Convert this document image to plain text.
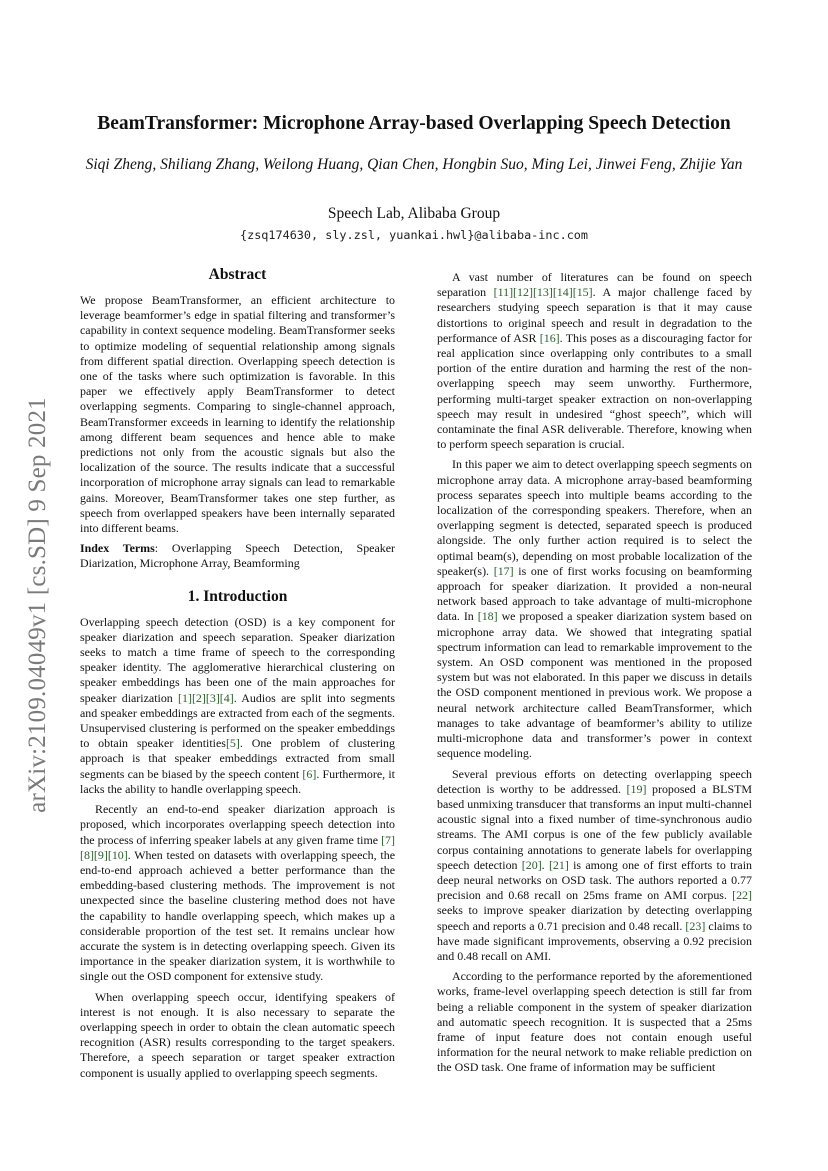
arXiv:2109.04049v1 [cs.SD] 9 Sep 2021
BeamTransformer: Microphone Array-based Overlapping Speech Detection
Siqi Zheng, Shiliang Zhang, Weilong Huang, Qian Chen, Hongbin Suo, Ming Lei, Jinwei Feng, Zhijie Yan
Speech Lab, Alibaba Group
{zsq174630, sly.zsl, yuankai.hwl}@alibaba-inc.com
Abstract

We propose BeamTransformer, an efficient architecture to leverage beamformer’s edge in spatial filtering and transformer’s capability in context sequence modeling. BeamTransformer seeks to optimize modeling of sequential relationship among signals from different spatial direction. Overlapping speech detection is one of the tasks where such optimization is favorable. In this paper we effectively apply BeamTransformer to detect overlapping segments. Comparing to single-channel approach, BeamTransformer exceeds in learning to identify the relationship among different beam sequences and hence able to make predictions not only from the acoustic signals but also the localization of the source. The results indicate that a successful incorporation of microphone array signals can lead to remarkable gains. Moreover, BeamTransformer takes one step further, as speech from overlapped speakers have been internally separated into different beams.

Index Terms: Overlapping Speech Detection, Speaker Diarization, Microphone Array, Beamforming

1. Introduction

Overlapping speech detection (OSD) is a key component for speaker diarization and speech separation. Speaker diarization seeks to match a time frame of speech to the corresponding speaker identity. The agglomerative hierarchical clustering on speaker embeddings has been one of the main approaches for speaker diarization [1][2][3][4]. Audios are split into segments and speaker embeddings are extracted from each of the segments. Unsupervised clustering is performed on the speaker embeddings to obtain speaker identities[5]. One problem of clustering approach is that speaker embeddings extracted from small segments can be biased by the speech content [6]. Furthermore, it lacks the ability to handle overlapping speech.

Recently an end-to-end speaker diarization approach is proposed, which incorporates overlapping speech detection into the process of inferring speaker labels at any given frame time [7][8][9][10]. When tested on datasets with overlapping speech, the end-to-end approach achieved a better performance than the embedding-based clustering methods. The improvement is not unexpected since the baseline clustering method does not have the capability to handle overlapping speech, which makes up a considerable proportion of the test set. It remains unclear how accurate the system is in detecting overlapping speech. Given its importance in the speaker diarization system, it is worthwhile to single out the OSD component for extensive study.

When overlapping speech occur, identifying speakers of interest is not enough. It is also necessary to separate the overlapping speech in order to obtain the clean automatic speech recognition (ASR) results corresponding to the target speakers. Therefore, a speech separation or target speaker extraction component is usually applied to overlapping speech segments.

A vast number of literatures can be found on speech separation [11][12][13][14][15]. A major challenge faced by researchers studying speech separation is that it may cause distortions to original speech and result in degradation to the performance of ASR [16]. This poses as a discouraging factor for real application since overlapping only contributes to a small portion of the entire duration and harming the rest of the non-overlapping speech may seem unworthy. Furthermore, performing multi-target speaker extraction on non-overlapping speech may result in undesired “ghost speech”, which will contaminate the final ASR deliverable. Therefore, knowing when to perform speech separation is crucial.

In this paper we aim to detect overlapping speech segments on microphone array data. A microphone array-based beamforming process separates speech into multiple beams according to the localization of the corresponding speakers. Therefore, when an overlapping segment is detected, separated speech is produced alongside. The only further action required is to select the optimal beam(s), depending on most probable localization of the speaker(s). [17] is one of first works focusing on beamforming approach for speaker diarization. It provided a non-neural network based approach to take advantage of multi-microphone data. In [18] we proposed a speaker diarization system based on microphone array data. We showed that integrating spatial spectrum information can lead to remarkable improvement to the system. An OSD component was mentioned in the proposed system but was not elaborated. In this paper we discuss in details the OSD component mentioned in previous work. We propose a neural network architecture called BeamTransformer, which manages to take advantage of beamformer’s ability to utilize multi-microphone data and transformer’s power in context sequence modeling.

Several previous efforts on detecting overlapping speech detection is worthy to be addressed. [19] proposed a BLSTM based unmixing transducer that transforms an input multi-channel acoustic signal into a fixed number of time-synchronous audio streams. The AMI corpus is one of the few publicly available corpus containing annotations to generate labels for overlapping speech detection [20]. [21] is among one of first efforts to train deep neural networks on OSD task. The authors reported a 0.77 precision and 0.68 recall on 25ms frame on AMI corpus. [22] seeks to improve speaker diarization by detecting overlapping speech and reports a 0.71 precision and 0.48 recall. [23] claims to have made significant improvements, observing a 0.92 precision and 0.48 recall on AMI.

According to the performance reported by the aforementioned works, frame-level overlapping speech detection is still far from being a reliable component in the system of speaker diarization and automatic speech recognition. It is suspected that a 25ms frame of input feature does not contain enough useful information for the neural network to make reliable prediction on the OSD task. One frame of information may be sufficient
